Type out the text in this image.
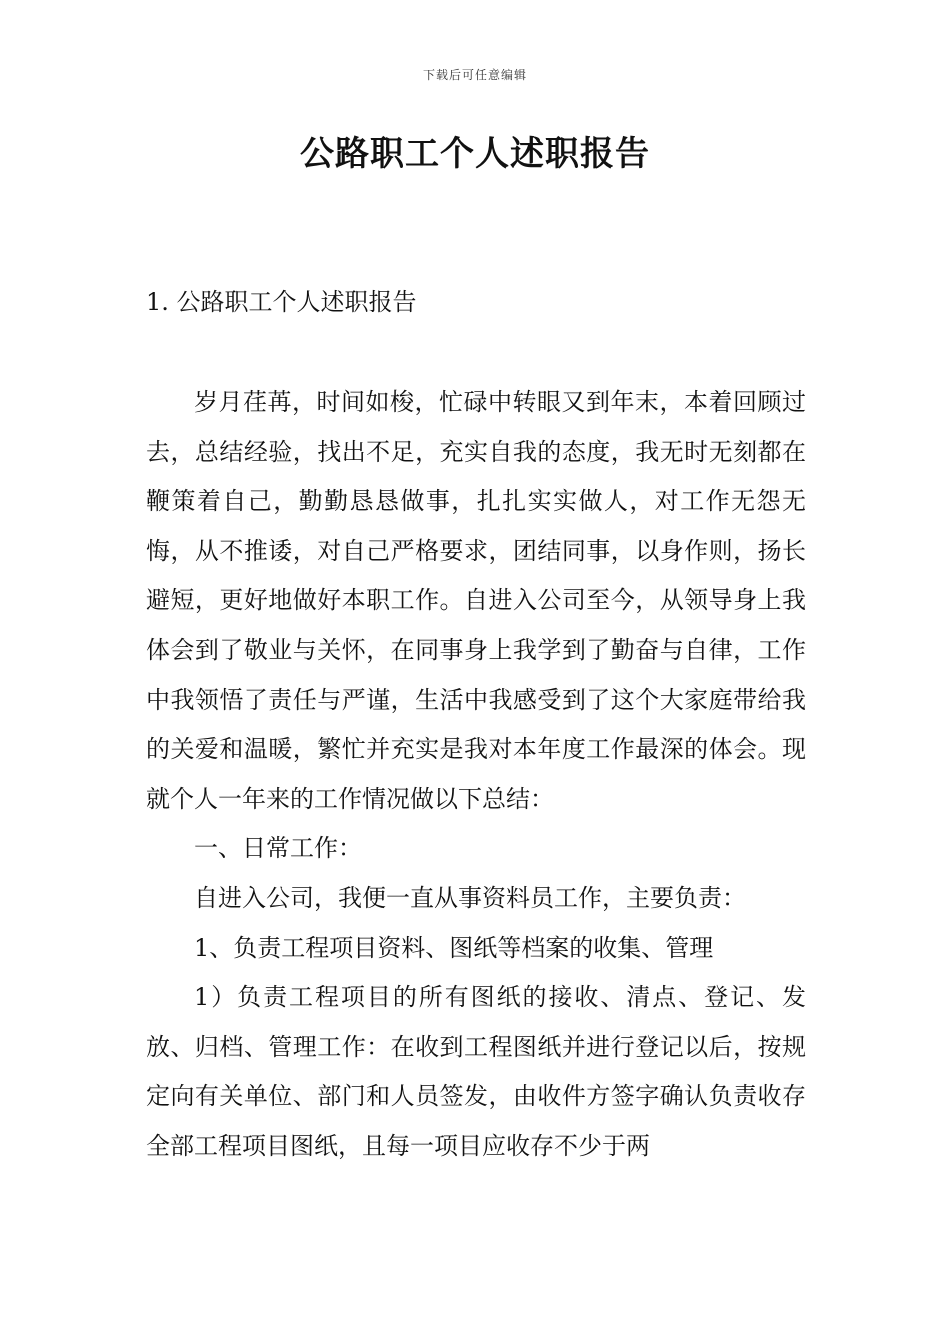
下载后可任意编辑
公路职工个人述职报告
1. 公路职工个人述职报告

岁月荏苒，时间如梭，忙碌中转眼又到年末，本着回顾过去，总结经验，找出不足，充实自我的态度，我无时无刻都在鞭策着自己，勤勤恳恳做事，扎扎实实做人，对工作无怨无悔，从不推诿，对自己严格要求，团结同事，以身作则，扬长避短，更好地做好本职工作。自进入公司至今，从领导身上我体会到了敬业与关怀，在同事身上我学到了勤奋与自律，工作中我领悟了责任与严谨，生活中我感受到了这个大家庭带给我的关爱和温暖，繁忙并充实是我对本年度工作最深的体会。现就个人一年来的工作情况做以下总结：

一、日常工作：

自进入公司，我便一直从事资料员工作，主要负责：

1、负责工程项目资料、图纸等档案的收集、管理

1）负责工程项目的所有图纸的接收、清点、登记、发放、归档、管理工作：在收到工程图纸并进行登记以后，按规定向有关单位、部门和人员签发，由收件方签字确认负责收存全部工程项目图纸，且每一项目应收存不少于两
